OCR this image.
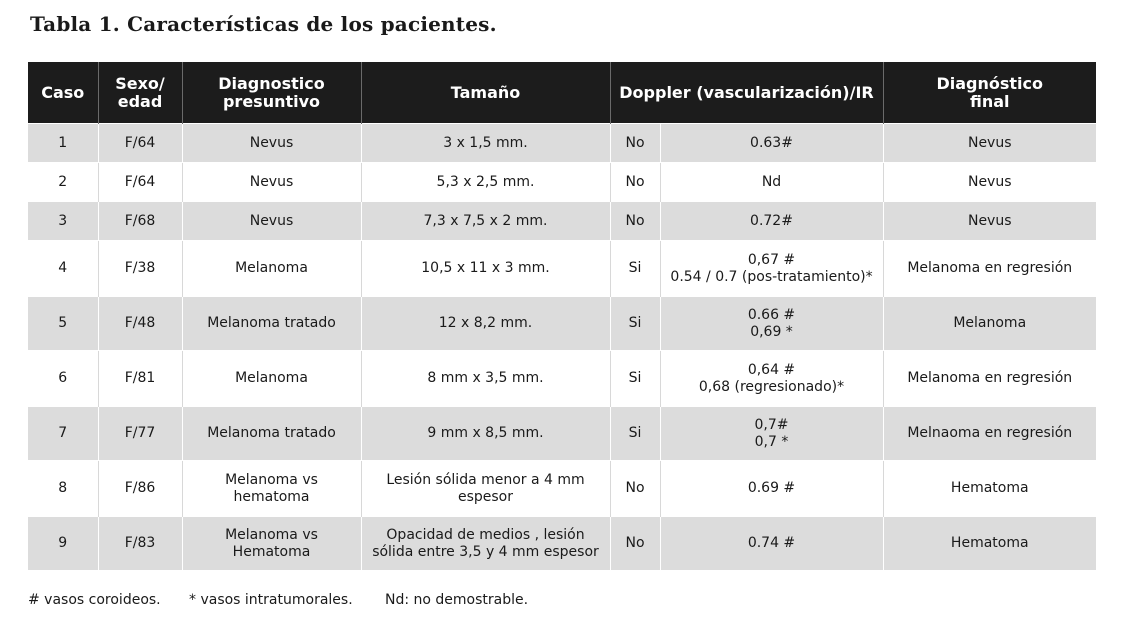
Tabla 1. Características de los pacientes.
Caso	Sexo/
edad	Diagnostico
presuntivo	Tamaño	Doppler (vascularización)/IR		Diagnóstico
final

1	F/64	Nevus	3 x 1,5 mm.	No	0.63#	Nevus
2	F/64	Nevus	5,3 x 2,5 mm.	No	Nd	Nevus
3	F/68	Nevus	7,3 x 7,5 x 2 mm.	No	0.72#	Nevus
4	F/38	Melanoma	10,5 x 11 x 3 mm.	Si	0,67 #
0.54 / 0.7 (pos-tratamiento)*	Melanoma en regresión
5	F/48	Melanoma tratado	12 x 8,2 mm.	Si	0.66 #
0,69 *	Melanoma
6	F/81	Melanoma	8 mm x 3,5 mm.	Si	0,64 #
0,68 (regresionado)*	Melanoma en regresión
7	F/77	Melanoma tratado	9 mm x 8,5 mm.	Si	0,7#
0,7 *	Melnaoma en regresión
8	F/86	Melanoma vs
hematoma	Lesión sólida menor a 4 mm
espesor	No	0.69 #	Hematoma
9	F/83	Melanoma vs
Hematoma	Opacidad de medios , lesión
sólida entre 3,5 y 4 mm espesor	No	0.74 #	Hematoma
# vasos coroideos. * vasos intratumorales. Nd: no demostrable.
